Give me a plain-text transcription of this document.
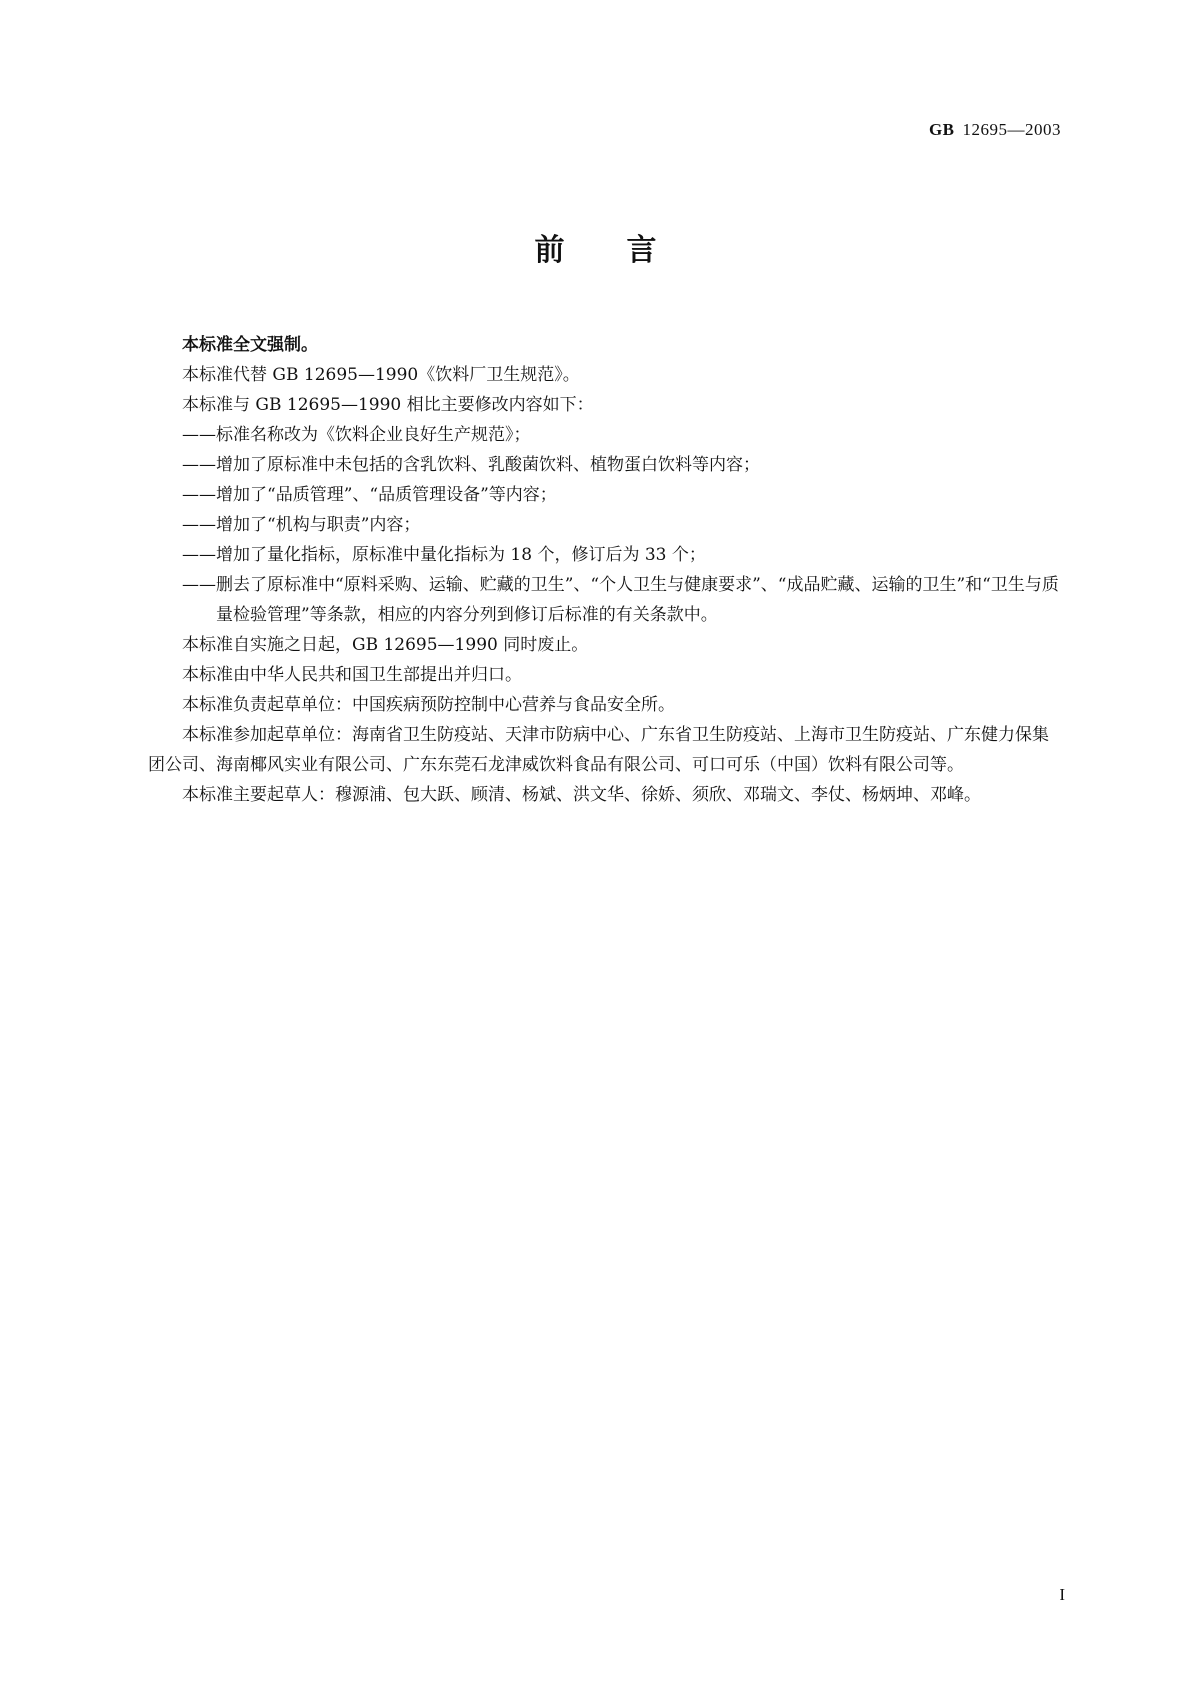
GB 12695—2003
前 言

本标准全文强制。

本标准代替 GB 12695—1990《饮料厂卫生规范》。

本标准与 GB 12695—1990 相比主要修改内容如下：

——标准名称改为《饮料企业良好生产规范》；

——增加了原标准中未包括的含乳饮料、乳酸菌饮料、植物蛋白饮料等内容；

——增加了“品质管理”、“品质管理设备”等内容；

——增加了“机构与职责”内容；

——增加了量化指标，原标准中量化指标为 18 个，修订后为 33 个；

——删去了原标准中“原料采购、运输、贮藏的卫生”、“个人卫生与健康要求”、“成品贮藏、运输的卫生”和“卫生与质量检验管理”等条款，相应的内容分列到修订后标准的有关条款中。

本标准自实施之日起，GB 12695—1990 同时废止。

本标准由中华人民共和国卫生部提出并归口。

本标准负责起草单位：中国疾病预防控制中心营养与食品安全所。

本标准参加起草单位：海南省卫生防疫站、天津市防病中心、广东省卫生防疫站、上海市卫生防疫站、广东健力保集团公司、海南椰风实业有限公司、广东东莞石龙津威饮料食品有限公司、可口可乐（中国）饮料有限公司等。

本标准主要起草人：穆源浦、包大跃、顾清、杨斌、洪文华、徐娇、须欣、邓瑞文、李仗、杨炳坤、邓峰。

I
